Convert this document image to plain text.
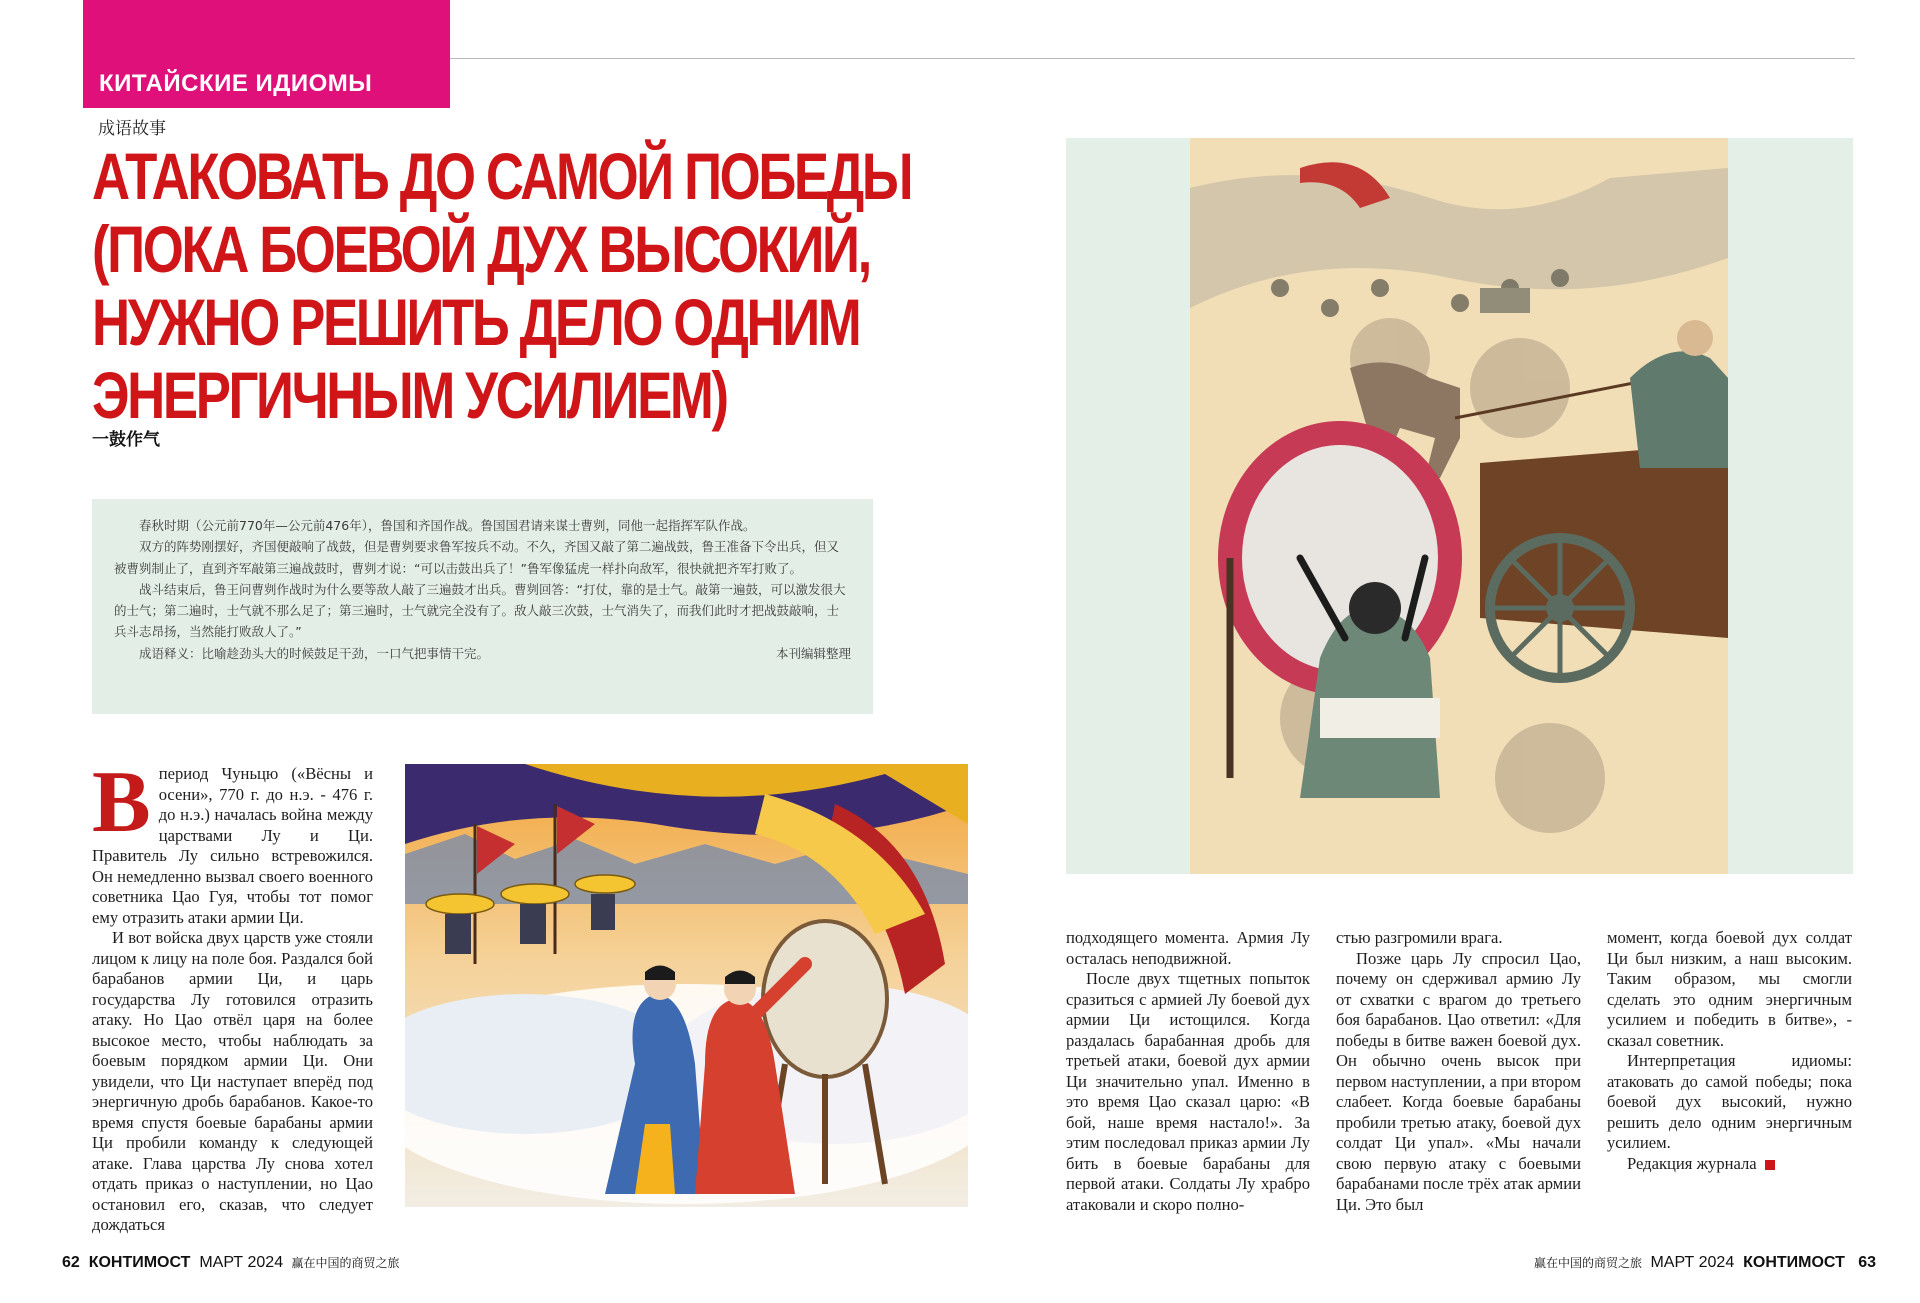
КИТАЙСКИЕ ИДИОМЫ
成语故事
АТАКОВАТЬ ДО САМОЙ ПОБЕДЫ
(ПОКА БОЕВОЙ ДУХ ВЫСОКИЙ,
НУЖНО РЕШИТЬ ДЕЛО ОДНИМ
ЭНЕРГИЧНЫМ УСИЛИЕМ)
一鼓作气

春秋时期（公元前770年—公元前476年），鲁国和齐国作战。鲁国国君请来谋士曹刿，同他一起指挥军队作战。

双方的阵势刚摆好，齐国便敲响了战鼓，但是曹刿要求鲁军按兵不动。不久，齐国又敲了第二遍战鼓，鲁王准备下令出兵，但又被曹刿制止了，直到齐军敲第三遍战鼓时，曹刿才说：“可以击鼓出兵了！”鲁军像猛虎一样扑向敌军，很快就把齐军打败了。

战斗结束后，鲁王问曹刿作战时为什么要等敌人敲了三遍鼓才出兵。曹刿回答：“打仗，靠的是士气。敲第一遍鼓，可以激发很大的士气；第二遍时，士气就不那么足了；第三遍时，士气就完全没有了。敌人敲三次鼓，士气消失了，而我们此时才把战鼓敲响，士兵斗志昂扬，当然能打败敌人了。”

成语释义：比喻趁劲头大的时候鼓足干劲，一口气把事情干完。	本刊编辑整理

Впериод Чуньцю («Вёсны и осени», 770 г. до н.э. - 476 г. до н.э.) началась война между царствами Лу и Ци. Правитель Лу сильно встревожился. Он немедленно вызвал своего военного советника Цао Гуя, чтобы тот помог ему отразить атаки армии Ци.

И вот войска двух царств уже стояли лицом к лицу на поле боя. Раздался бой барабанов армии Ци, и царь государства Лу готовился отразить атаку. Но Цао отвёл царя на более высокое место, чтобы наблюдать за боевым порядком армии Ци. Они увидели, что Ци наступает вперёд под энергичную дробь барабанов. Какое-то время спустя боевые барабаны армии Ци пробили команду к следующей атаке. Глава царства Лу снова хотел отдать приказ о наступлении, но Цао остановил его, сказав, что следует дождаться

подходящего момента. Армия Лу осталась неподвижной.

После двух тщетных попыток сразиться с армией Лу боевой дух армии Ци истощился. Когда раздалась барабанная дробь для третьей атаки, боевой дух армии Ци значительно упал. Именно в это время Цао сказал царю: «В бой, наше время настало!». За этим последовал приказ армии Лу бить в боевые барабаны для первой атаки. Солдаты Лу храбро атаковали и скоро полно-

стью разгромили врага.

Позже царь Лу спросил Цао, почему он сдерживал армию Лу от схватки с врагом до третьего боя барабанов. Цао ответил: «Для победы в битве важен боевой дух. Он обычно очень высок при первом наступлении, а при втором слабеет. Когда боевые барабаны пробили третью атаку, боевой дух солдат Ци упал». «Мы начали свою первую атаку с боевыми барабанами после трёх атак армии Ци. Это был

момент, когда боевой дух солдат Ци был низким, а наш высоким. Таким образом, мы смогли сделать это одним энергичным усилием и победить в битве», - сказал советник.

Интерпретация идиомы: атаковать до самой победы; пока боевой дух высокий, нужно решить дело одним энергичным усилием.

Редакция журнала

62 КОНТИМОСТ МАРТ 2024 赢在中国的商贸之旅	赢在中国的商贸之旅 МАРТ 2024 КОНТИМОСТ 63
